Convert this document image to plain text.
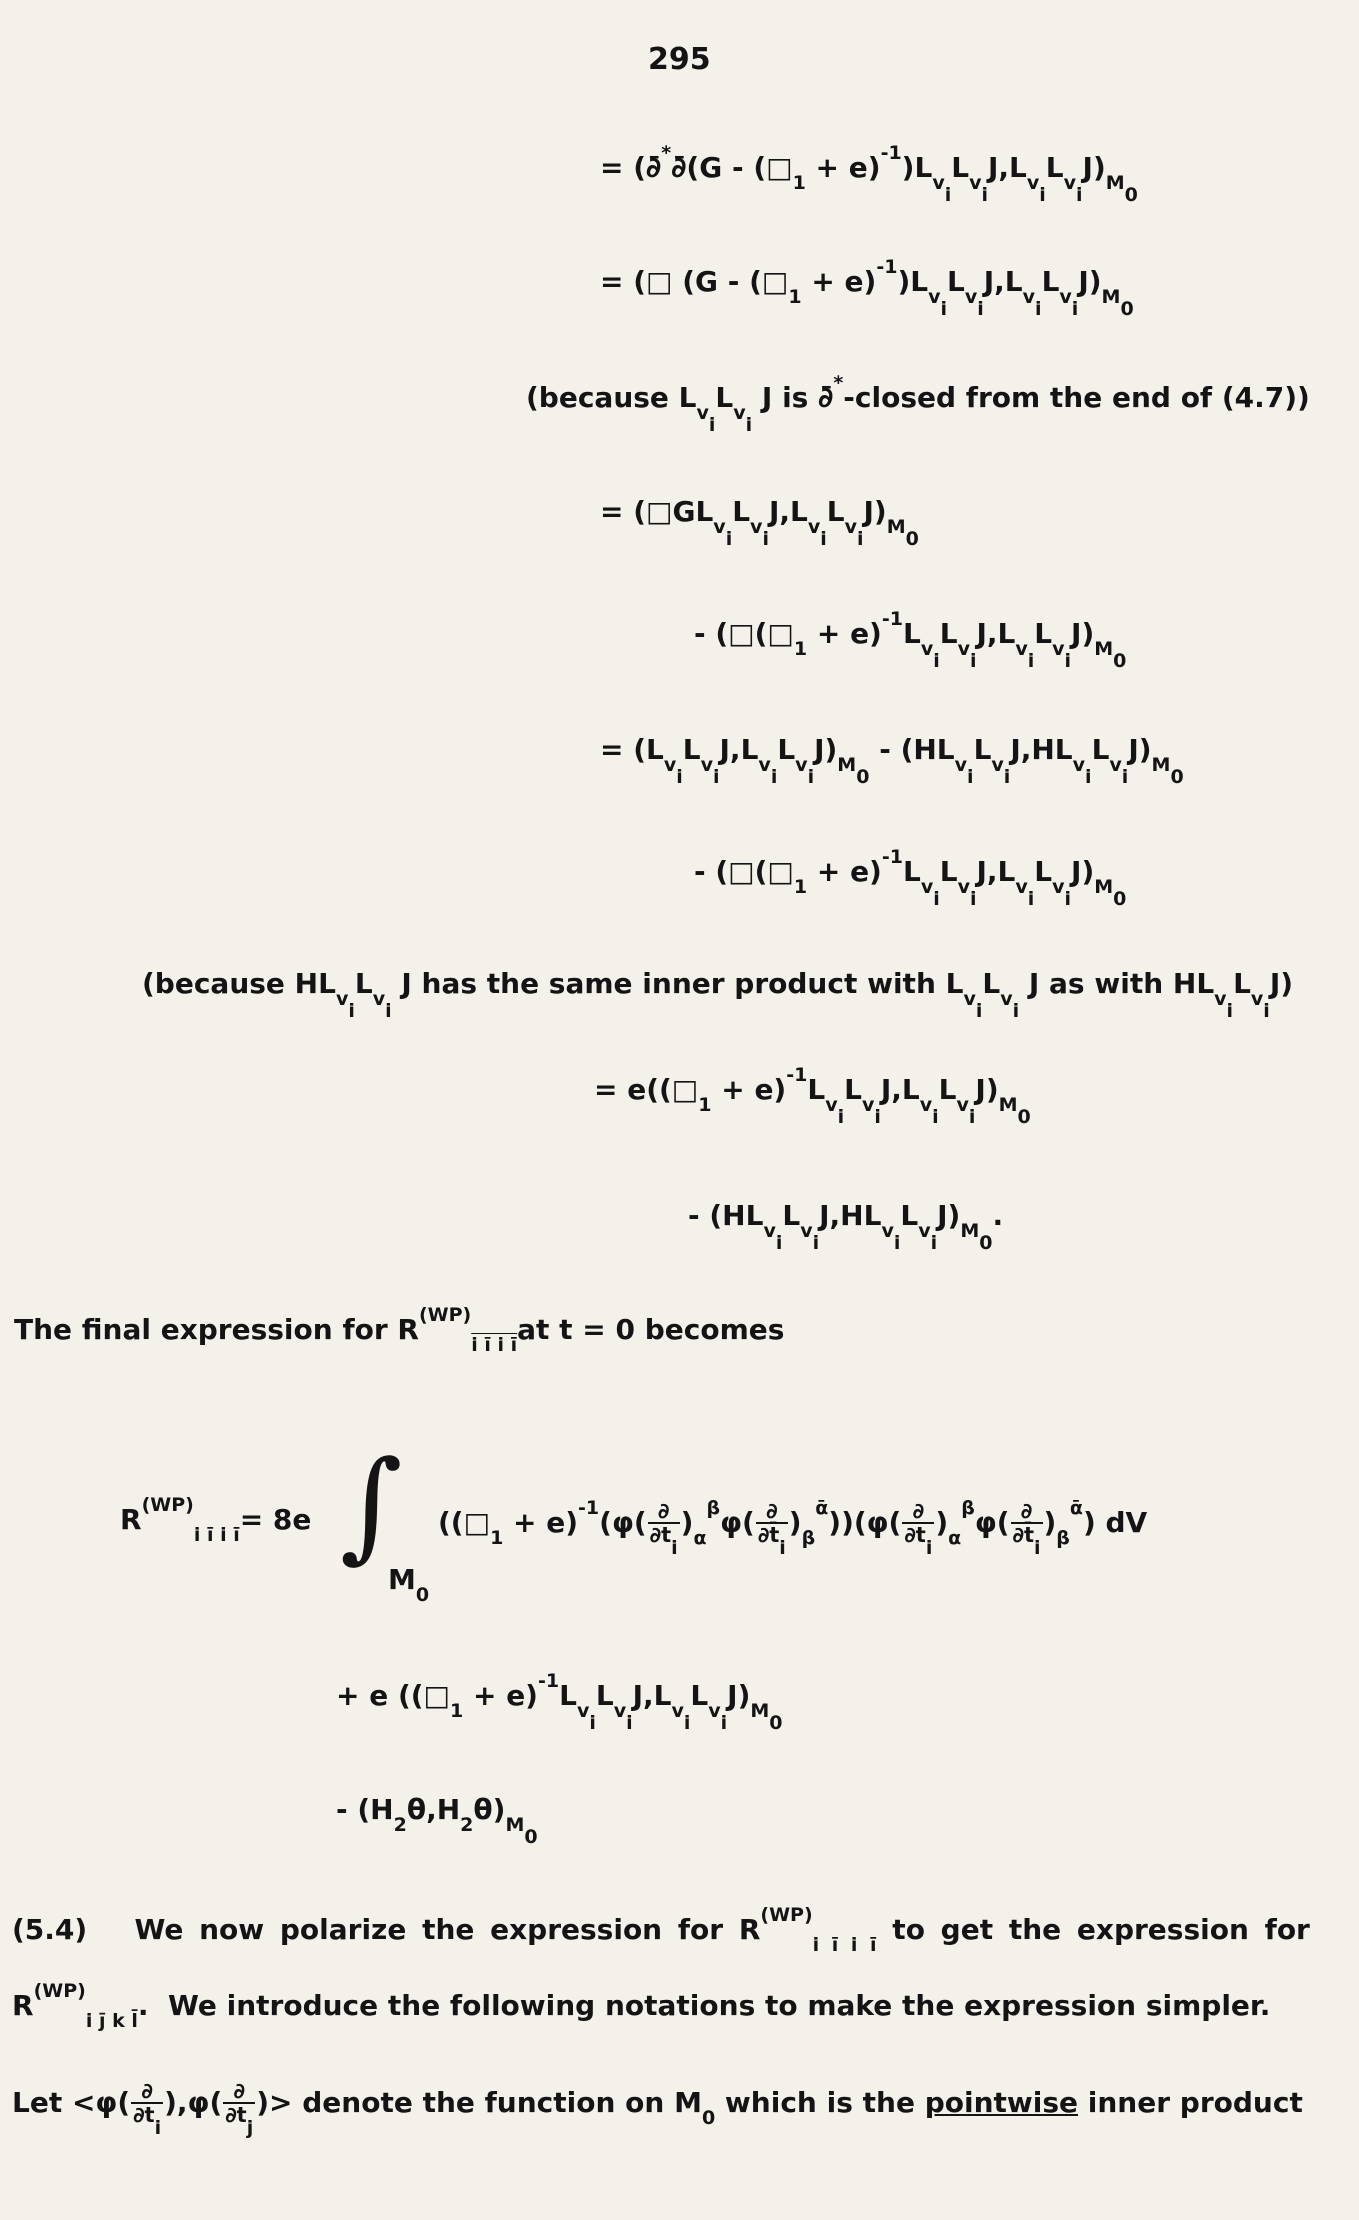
295
= (∂̄*∂̄(G - $(□_1 + e)^{-1})L_{v_i}L_{v_i}J,L_{v_i}L_{v_i}J)_{M_0}$
= (□ $(G - (□_1 + e)^{-1})L_{v_i}L_{v_i}J,L_{v_i}L_{v_i}J)_{M_0}$
(because $L_{v_i}L_{v_i}$ J is ∂̄*-closed from the end of (4.7))
= $(□GL_{v_i}L_{v_i}J,L_{v_i}L_{v_i}J)_{M_0}$
- $(□(□_1 + e)^{-1}L_{v_i}L_{v_i}J,L_{v_i}L_{v_i}J)_{M_0}$
= $(L_{v_i}L_{v_i}J,L_{v_i}L_{v_i}J)_{M_0} - (HL_{v_i}L_{v_i}J,HL_{v_i}L_{v_i}J)_{M_0}$
- $(□(□_1 + e)^{-1}L_{v_i}L_{v_i}J,L_{v_i}L_{v_i}J)_{M_0}$
(because $HL_{v_i}L_{v_i}$ J has the same inner product with $L_{v_i}L_{v_i}$ J as with $HL_{v_i}L_{v_i}J$)
= $e((□_1 + e)^{-1}L_{v_i}L_{v_i}J,L_{v_i}L_{v_i}J)_{M_0}$
- $(HL_{v_i}L_{v_i}J,HL_{v_i}L_{v_i}J)_{M_0}$.
The final expression for $R^{(WP)}_{i ī i ī}at$ t = 0 becomes
$R^{(WP)}_{i ī i ī}= 8e$ ∫
$M_0$
$((□_1 + e)^{-1}(\varphi( \frac{\partial}{\partial t_i} )_\alpha^\beta\varphi( \frac{\partial}{\partial t̄_i} )_\beta^ᾱ))(\varphi( \frac{\partial}{\partial t_i} )_\alpha^\beta\varphi( \frac{\partial}{\partial t̄_i} )_\beta^ᾱ)$ dV
+ e $((□_1 + e)^{-1}L_{v_i}L_{v_i}J,L_{v_i}L_{v_i}J)_{M_0}$
- $(H_2\theta,H_2\theta)_{M_0}$
(5.4)   We now polarize the expression for $R^{(WP)}_{i ī i ī}$ to get the expression for
$R^{(WP)}_{i j̄ k l̄}$.  We introduce the following notations to make the expression simpler.
Let $<\varphi( \frac{\partial}{\partial t_i} ),\varphi( \frac{\partial}{\partial t_j}$ )> denote the function on $M_0$ which is the pointwise inner product
